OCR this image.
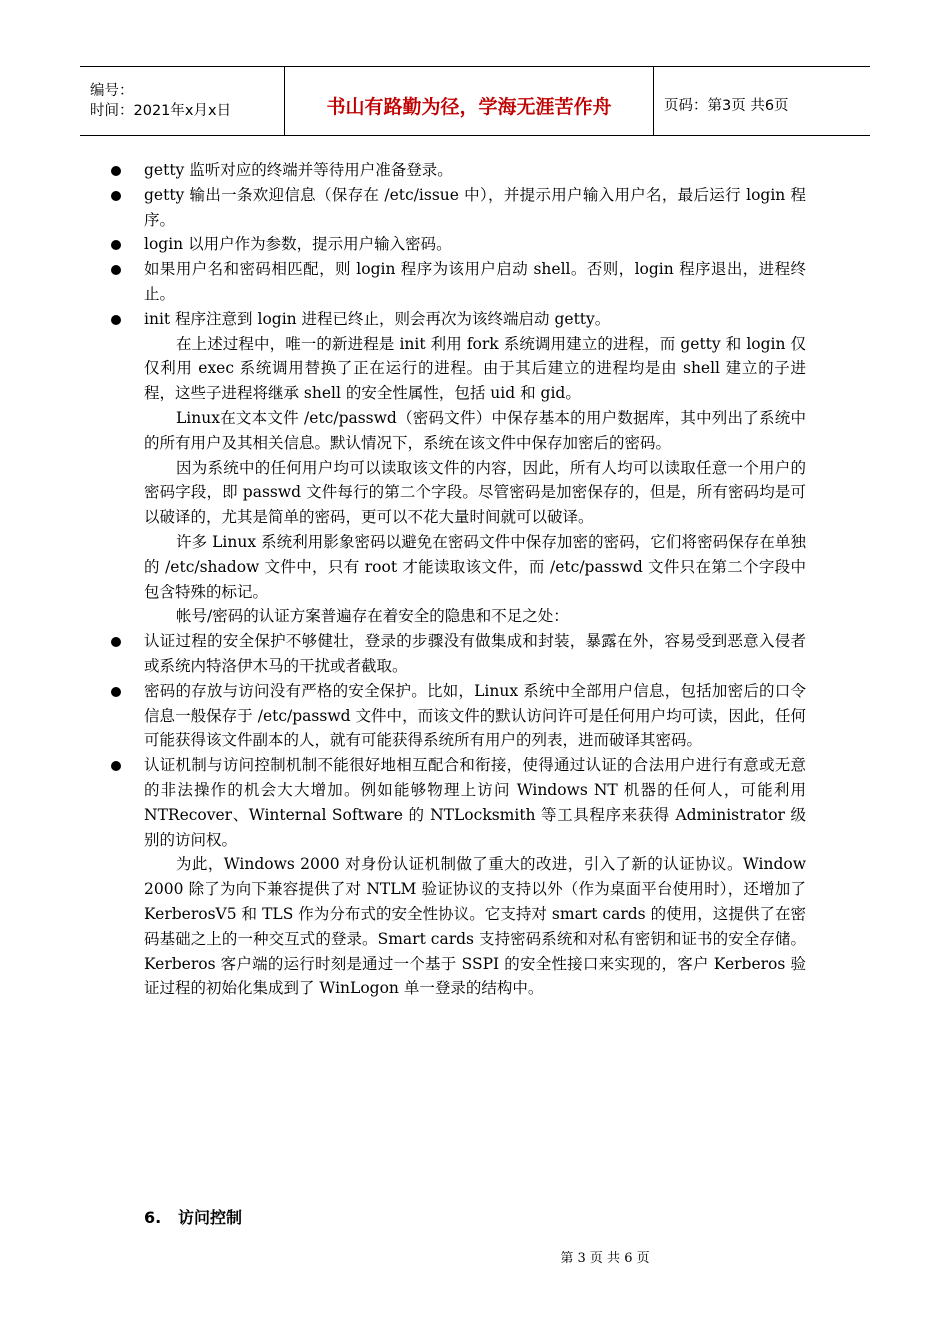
编号：
时间：2021年x月x日	书山有路勤为径，学海无涯苦作舟	页码：第3页 共6页
getty 监听对应的终端并等待用户准备登录。
getty 输出一条欢迎信息（保存在 /etc/issue 中），并提示用户输入用户名，最后运行 login 程序。
login 以用户作为参数，提示用户输入密码。
如果用户名和密码相匹配，则 login 程序为该用户启动 shell。否则，login 程序退出，进程终止。
init 程序注意到 login 进程已终止，则会再次为该终端启动 getty。
在上述过程中，唯一的新进程是 init 利用 fork 系统调用建立的进程，而 getty 和 login 仅仅利用 exec 系统调用替换了正在运行的进程。由于其后建立的进程均是由 shell 建立的子进程，这些子进程将继承 shell 的安全性属性，包括 uid 和 gid。
Linux在文本文件 /etc/passwd（密码文件）中保存基本的用户数据库，其中列出了系统中的所有用户及其相关信息。默认情况下，系统在该文件中保存加密后的密码。
因为系统中的任何用户均可以读取该文件的内容，因此，所有人均可以读取任意一个用户的密码字段，即 passwd 文件每行的第二个字段。尽管密码是加密保存的，但是，所有密码均是可以破译的，尤其是简单的密码，更可以不花大量时间就可以破译。
许多 Linux 系统利用影象密码以避免在密码文件中保存加密的密码，它们将密码保存在单独的 /etc/shadow 文件中，只有 root 才能读取该文件，而 /etc/passwd 文件只在第二个字段中包含特殊的标记。
帐号/密码的认证方案普遍存在着安全的隐患和不足之处：
认证过程的安全保护不够健壮，登录的步骤没有做集成和封装，暴露在外，容易受到恶意入侵者或系统内特洛伊木马的干扰或者截取。
密码的存放与访问没有严格的安全保护。比如，Linux 系统中全部用户信息，包括加密后的口令信息一般保存于 /etc/passwd 文件中，而该文件的默认访问许可是任何用户均可读，因此，任何可能获得该文件副本的人，就有可能获得系统所有用户的列表，进而破译其密码。
认证机制与访问控制机制不能很好地相互配合和衔接，使得通过认证的合法用户进行有意或无意的非法操作的机会大大增加。例如能够物理上访问 Windows NT 机器的任何人，可能利用 NTRecover、Winternal Software 的 NTLocksmith 等工具程序来获得 Administrator 级别的访问权。
为此，Windows 2000 对身份认证机制做了重大的改进，引入了新的认证协议。Window 2000 除了为向下兼容提供了对 NTLM 验证协议的支持以外（作为桌面平台使用时），还增加了 KerberosV5 和 TLS 作为分布式的安全性协议。它支持对 smart cards 的使用，这提供了在密码基础之上的一种交互式的登录。Smart cards 支持密码系统和对私有密钥和证书的安全存储。Kerberos 客户端的运行时刻是通过一个基于 SSPI 的安全性接口来实现的，客户 Kerberos 验证过程的初始化集成到了 WinLogon 单一登录的结构中。
6. 访问控制
第 3 页 共 6 页
